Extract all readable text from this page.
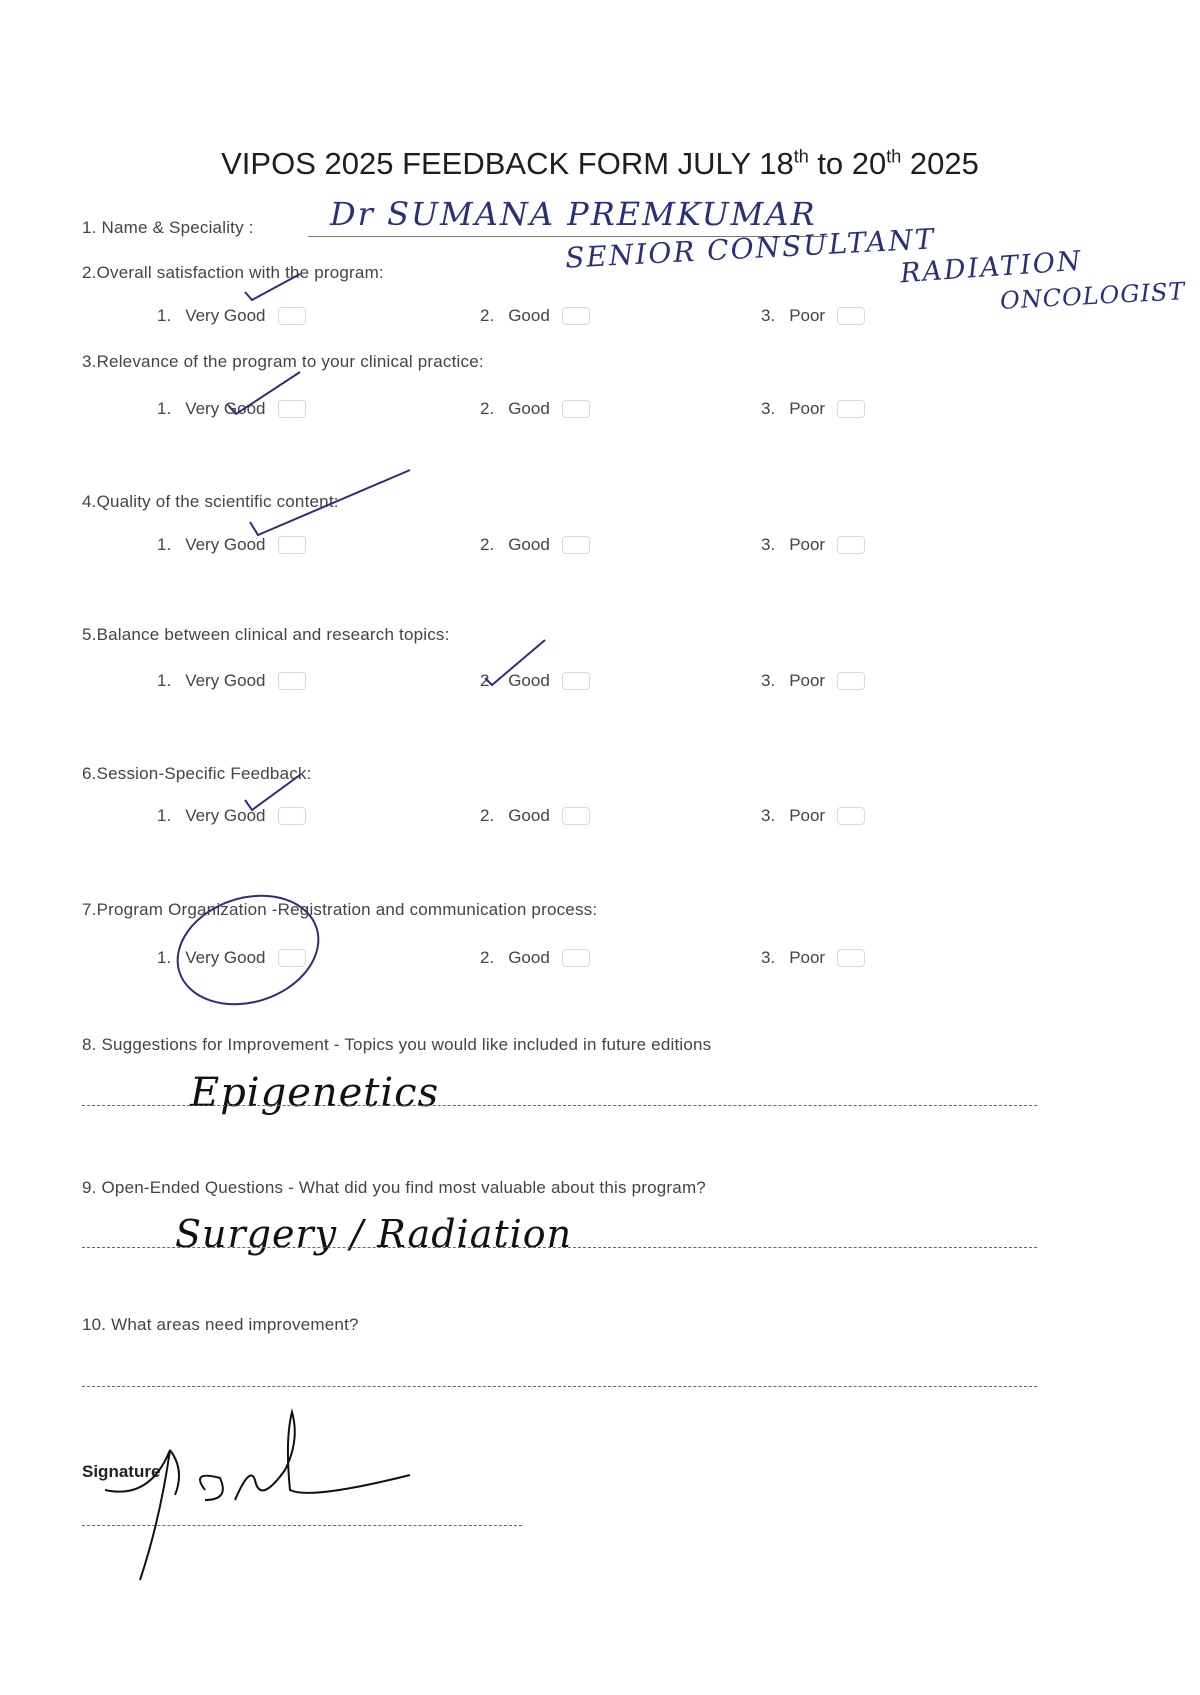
VIPOS 2025 FEEDBACK FORM JULY 18th to 20th 2025
1. Name & Speciality : Dr SUMANA PREMKUMAR
SENIOR CONSULTANT
RADIATION
ONCOLOGIST
2.Overall satisfaction with the program:
1. Very Good	2. Good	3. Poor
3.Relevance of the program to your clinical practice:
1. Very Good	2. Good	3. Poor
4.Quality of the scientific content:
1. Very Good	2. Good	3. Poor
5.Balance between clinical and research topics:
1. Very Good	2. Good	3. Poor
6.Session-Specific Feedback:
1. Very Good	2. Good	3. Poor
7.Program Organization -Registration and communication process:
1. Very Good	2. Good	3. Poor
8. Suggestions for Improvement - Topics you would like included in future editions
Epigenetics
9. Open-Ended Questions - What did you find most valuable about this program?
Surgery / Radiation
10. What areas need improvement?
Signature
